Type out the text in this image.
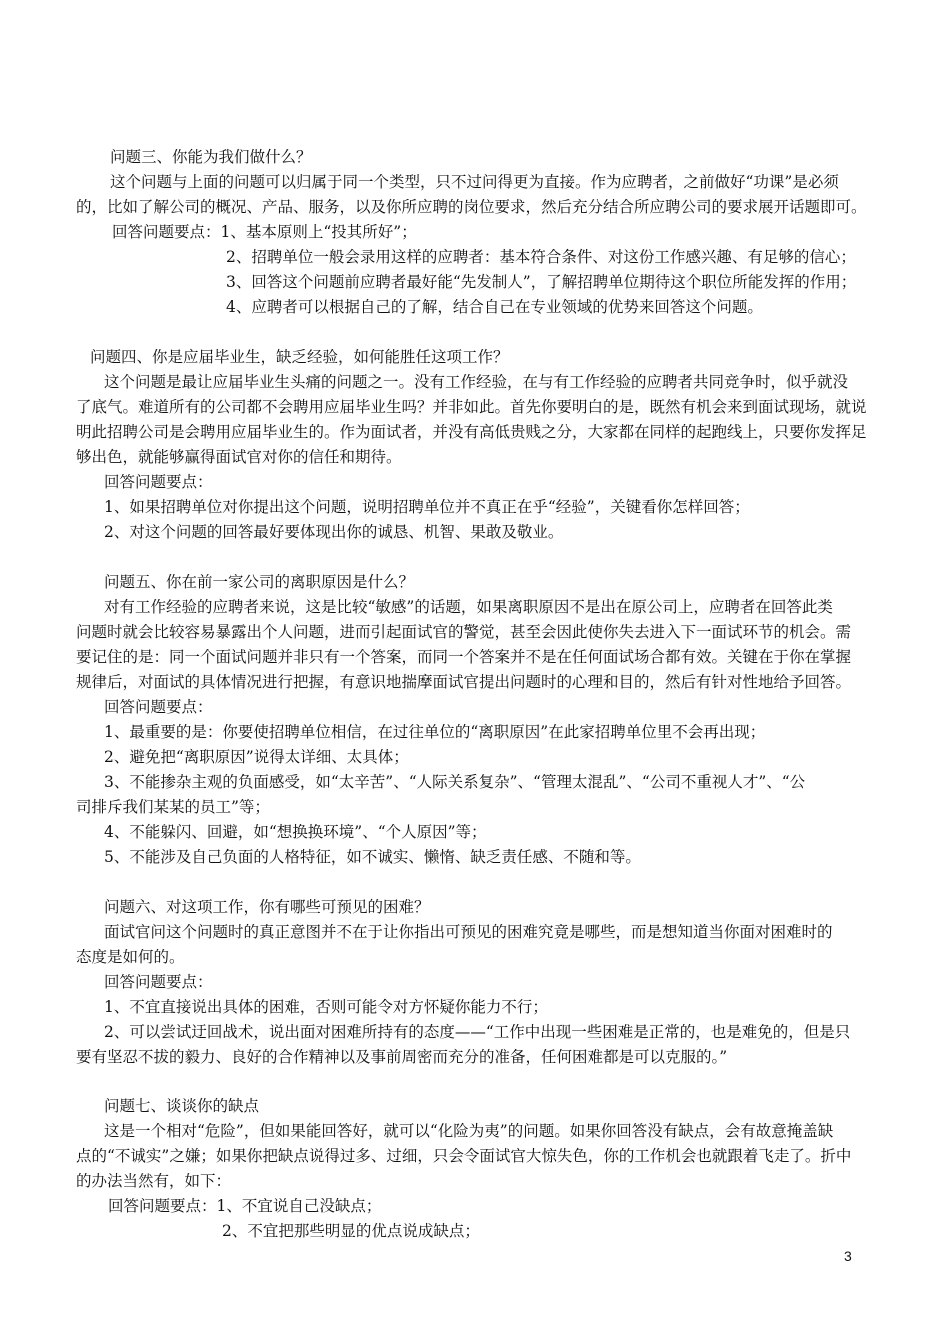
问题三、你能为我们做什么？
这个问题与上面的问题可以归属于同一个类型，只不过问得更为直接。作为应聘者，之前做好“功课”是必须
的，比如了解公司的概况、产品、服务，以及你所应聘的岗位要求，然后充分结合所应聘公司的要求展开话题即可。
回答问题要点：1、基本原则上“投其所好”；
2、招聘单位一般会录用这样的应聘者：基本符合条件、对这份工作感兴趣、有足够的信心；
3、回答这个问题前应聘者最好能“先发制人”，了解招聘单位期待这个职位所能发挥的作用；
4、应聘者可以根据自己的了解，结合自己在专业领域的优势来回答这个问题。
问题四、你是应届毕业生，缺乏经验，如何能胜任这项工作？
这个问题是最让应届毕业生头痛的问题之一。没有工作经验，在与有工作经验的应聘者共同竞争时，似乎就没
了底气。难道所有的公司都不会聘用应届毕业生吗？并非如此。首先你要明白的是，既然有机会来到面试现场，就说
明此招聘公司是会聘用应届毕业生的。作为面试者，并没有高低贵贱之分，大家都在同样的起跑线上，只要你发挥足
够出色，就能够赢得面试官对你的信任和期待。
回答问题要点：
1、如果招聘单位对你提出这个问题，说明招聘单位并不真正在乎“经验”，关键看你怎样回答；
2、对这个问题的回答最好要体现出你的诚恳、机智、果敢及敬业。
问题五、你在前一家公司的离职原因是什么？
对有工作经验的应聘者来说，这是比较“敏感”的话题，如果离职原因不是出在原公司上，应聘者在回答此类
问题时就会比较容易暴露出个人问题，进而引起面试官的警觉，甚至会因此使你失去进入下一面试环节的机会。需
要记住的是：同一个面试问题并非只有一个答案，而同一个答案并不是在任何面试场合都有效。关键在于你在掌握
规律后，对面试的具体情况进行把握，有意识地揣摩面试官提出问题时的心理和目的，然后有针对性地给予回答。
回答问题要点：
1、最重要的是：你要使招聘单位相信，在过往单位的“离职原因”在此家招聘单位里不会再出现；
2、避免把“离职原因”说得太详细、太具体；
3、不能掺杂主观的负面感受，如“太辛苦”、“人际关系复杂”、“管理太混乱”、“公司不重视人才”、“公
司排斥我们某某的员工”等；
4、不能躲闪、回避，如“想换换环境”、“个人原因”等；
5、不能涉及自己负面的人格特征，如不诚实、懒惰、缺乏责任感、不随和等。
问题六、对这项工作，你有哪些可预见的困难？
面试官问这个问题时的真正意图并不在于让你指出可预见的困难究竟是哪些，而是想知道当你面对困难时的
态度是如何的。
回答问题要点：
1、不宜直接说出具体的困难，否则可能令对方怀疑你能力不行；
2、可以尝试迂回战术，说出面对困难所持有的态度——“工作中出现一些困难是正常的，也是难免的，但是只
要有坚忍不拔的毅力、良好的合作精神以及事前周密而充分的准备，任何困难都是可以克服的。”
问题七、谈谈你的缺点
这是一个相对“危险”，但如果能回答好，就可以“化险为夷”的问题。如果你回答没有缺点，会有故意掩盖缺
点的“不诚实”之嫌；如果你把缺点说得过多、过细，只会令面试官大惊失色，你的工作机会也就跟着飞走了。折中
的办法当然有，如下：
回答问题要点：1、不宜说自己没缺点；
2、不宜把那些明显的优点说成缺点；
3
